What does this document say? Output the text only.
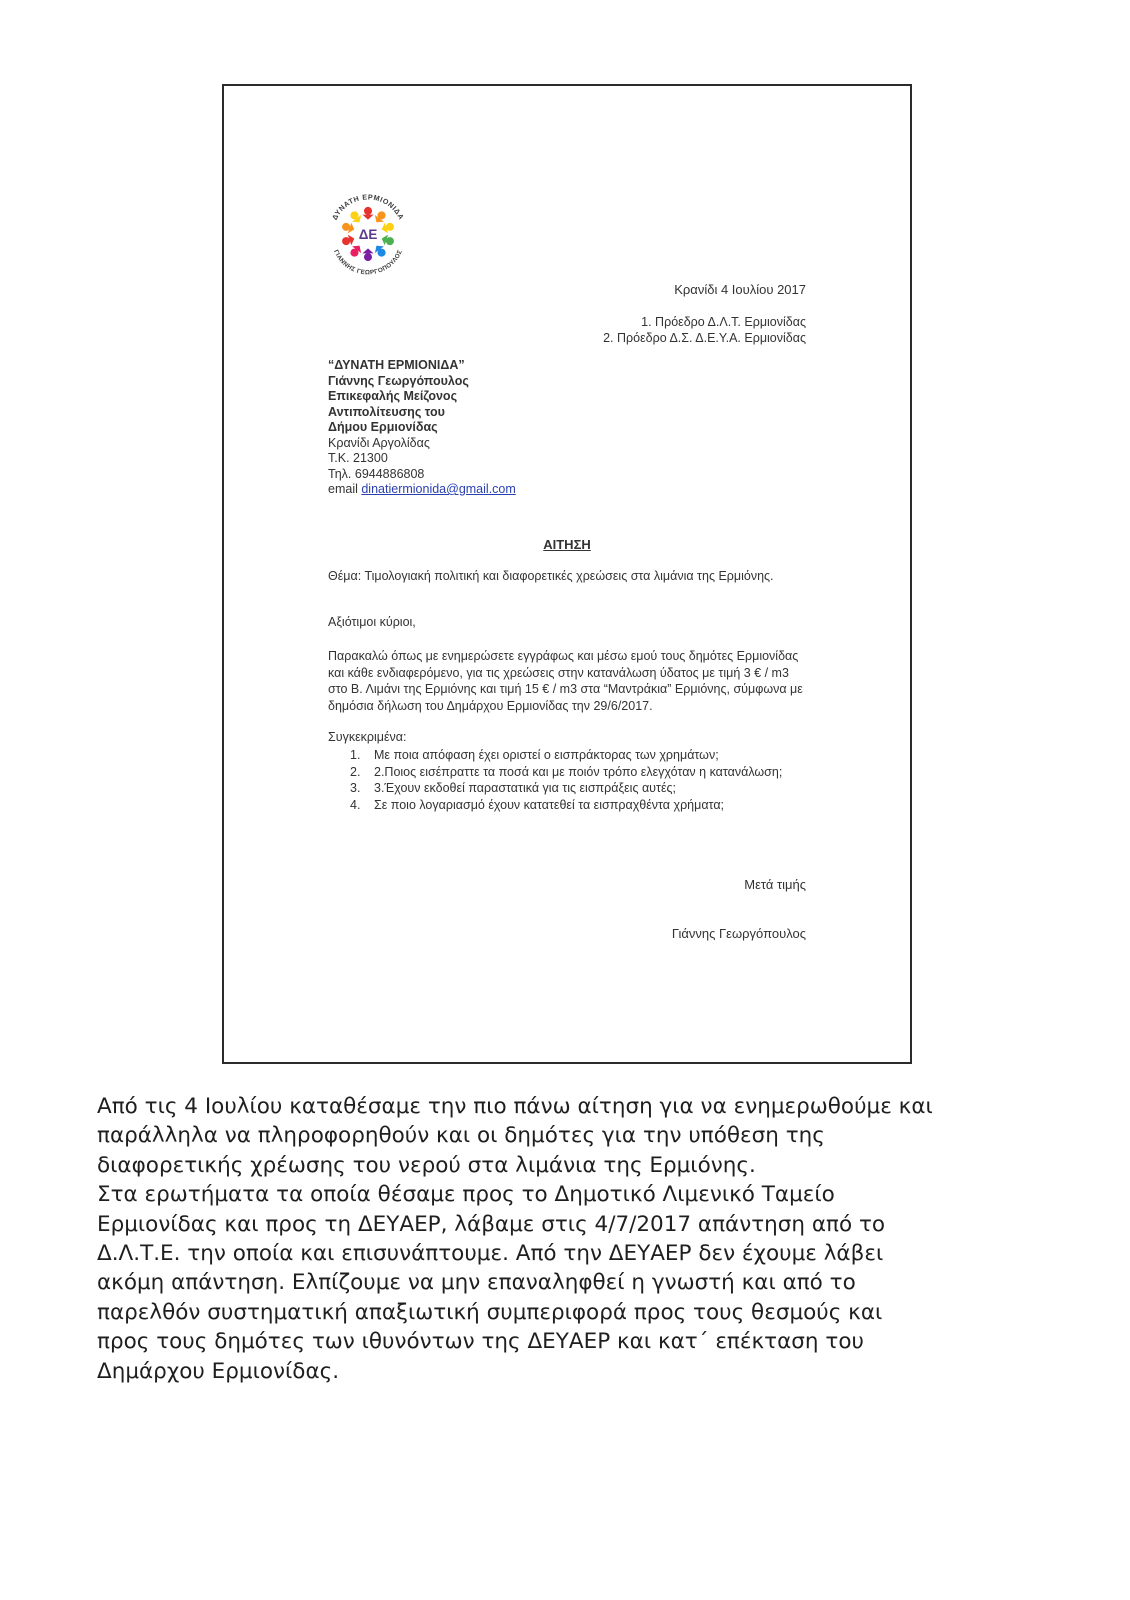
ΔΕ
ΔΥΝΑΤΗ ΕΡΜΙΟΝΙΔΑ
ΓΙΑΝΝΗΣ ΓΕΩΡΓΟΠΟΥΛΟΣ
Κρανίδι 4 Ιουλίου 2017
1. Πρόεδρο Δ.Λ.Τ. Ερμιονίδας
2. Πρόεδρο Δ.Σ. Δ.Ε.Υ.Α. Ερμιονίδας
“ΔΥΝΑΤΗ ΕΡΜΙΟΝΙΔΑ”
Γιάννης Γεωργόπουλος
Επικεφαλής Μείζονος
Αντιπολίτευσης του
Δήμου Ερμιονίδας
Κρανίδι Αργολίδας
Τ.Κ. 21300
Τηλ. 6944886808
email dinatiermionida@gmail.com
ΑΙΤΗΣΗ
Θέμα: Τιμολογιακή πολιτική και διαφορετικές χρεώσεις στα λιμάνια της Ερμιόνης.
Αξιότιμοι κύριοι,
Παρακαλώ όπως με ενημερώσετε εγγράφως και μέσω εμού τους δημότες Ερμιονίδας και κάθε ενδιαφερόμενο, για τις χρεώσεις στην κατανάλωση ύδατος με τιμή 3 € / m3 στο Β. Λιμάνι της Ερμιόνης και τιμή 15 € / m3 στα “Μαντράκια” Ερμιόνης, σύμφωνα με δημόσια δήλωση του Δημάρχου Ερμιονίδας την 29/6/2017.
Συγκεκριμένα:
1. Με ποια απόφαση έχει οριστεί ο εισπράκτορας των χρημάτων;
2. 2.Ποιος εισέπραττε τα ποσά και με ποιόν τρόπο ελεγχόταν η κατανάλωση;
3. 3.Έχουν εκδοθεί παραστατικά για τις εισπράξεις αυτές;
4. Σε ποιο λογαριασμό έχουν κατατεθεί τα εισπραχθέντα χρήματα;
Μετά τιμής
Γιάννης Γεωργόπουλος
Από τις 4 Ιουλίου καταθέσαμε την πιο πάνω αίτηση για να ενημερωθούμε και
παράλληλα να πληροφορηθούν και οι δημότες για την υπόθεση της
διαφορετικής χρέωσης του νερού στα λιμάνια της Ερμιόνης.
Στα ερωτήματα τα οποία θέσαμε προς το Δημοτικό Λιμενικό Ταμείο
Ερμιονίδας και προς τη ΔΕΥΑΕΡ, λάβαμε στις 4/7/2017 απάντηση από το
Δ.Λ.Τ.Ε. την οποία και επισυνάπτουμε. Από την ΔΕΥΑΕΡ δεν έχουμε λάβει
ακόμη απάντηση. Ελπίζουμε να μην επαναληφθεί η γνωστή και από το
παρελθόν συστηματική απαξιωτική συμπεριφορά προς τους θεσμούς και
προς τους δημότες των ιθυνόντων της ΔΕΥΑΕΡ και κατ΄ επέκταση του
Δημάρχου Ερμιονίδας.
